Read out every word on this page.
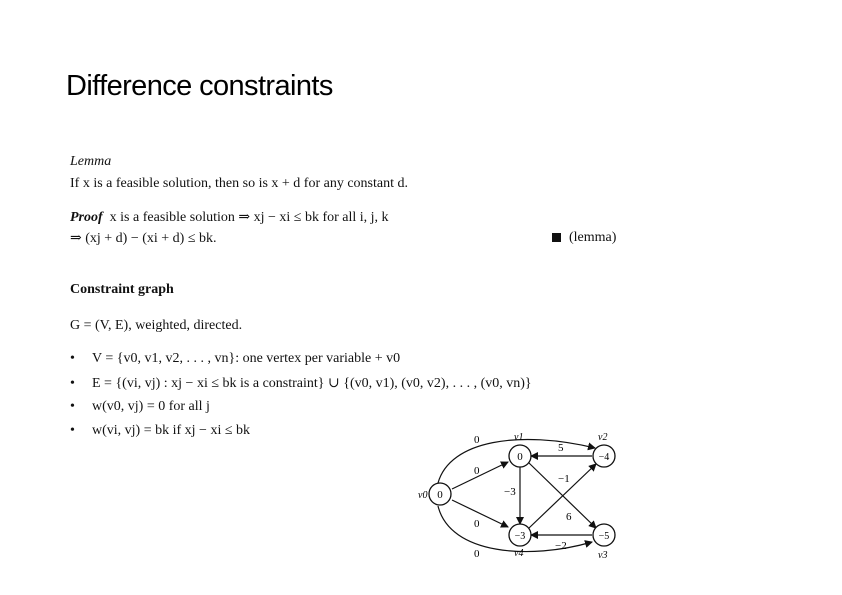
Difference constraints
Lemma
If x is a feasible solution, then so is x + d for any constant d.
Proof x is a feasible solution ⇒ xj − xi ≤ bk for all i, j, k
⇒ (xj + d) − (xi + d) ≤ bk.	(lemma)
Constraint graph
G = (V, E), weighted, directed.
• V = {v0, v1, v2, . . . , vn}: one vertex per variable + v0
• E = {(vi, vj) : xj − xi ≤ bk is a constraint} ∪ {(v0, v1), (v0, v2), . . . , (v0, vn)}
• w(v0, vj) = 0 for all j
• w(vi, vj) = bk if xj − xi ≤ bk
0
0
0
0
5
−3
−1
6
−2
0
v0
0
v1
−4
v2
−5
v3
−3
v4
